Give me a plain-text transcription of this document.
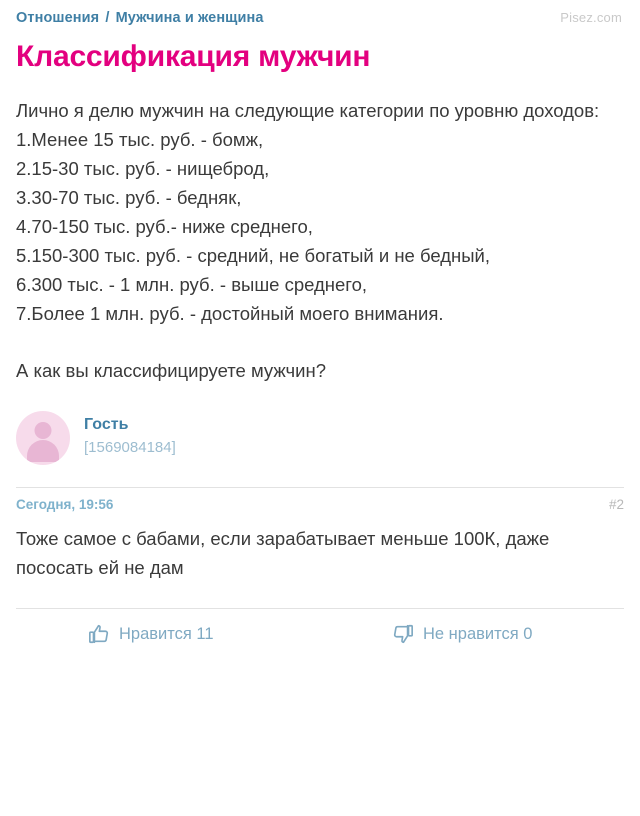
Pisez.com
Отношения / Мужчина и женщина
Классификация мужчин
Лично я делю мужчин на следующие категории по уровню доходов:
1.Менее 15 тыс. руб. - бомж,
2.15-30 тыс. руб. - нищеброд,
3.30-70 тыс. руб. - бедняк,
4.70-150 тыс. руб.- ниже среднего,
5.150-300 тыс. руб. - средний, не богатый и не бедный,
6.300 тыс. - 1 млн. руб. - выше среднего,
7.Более 1 млн. руб. - достойный моего внимания.
А как вы классифицируете мужчин?
Гость
[1569084184]
Сегодня, 19:56	#2
Тоже самое с бабами, если зарабатывает меньше 100К, даже пососать ей не дам
Нравится 11	Не нравится 0
